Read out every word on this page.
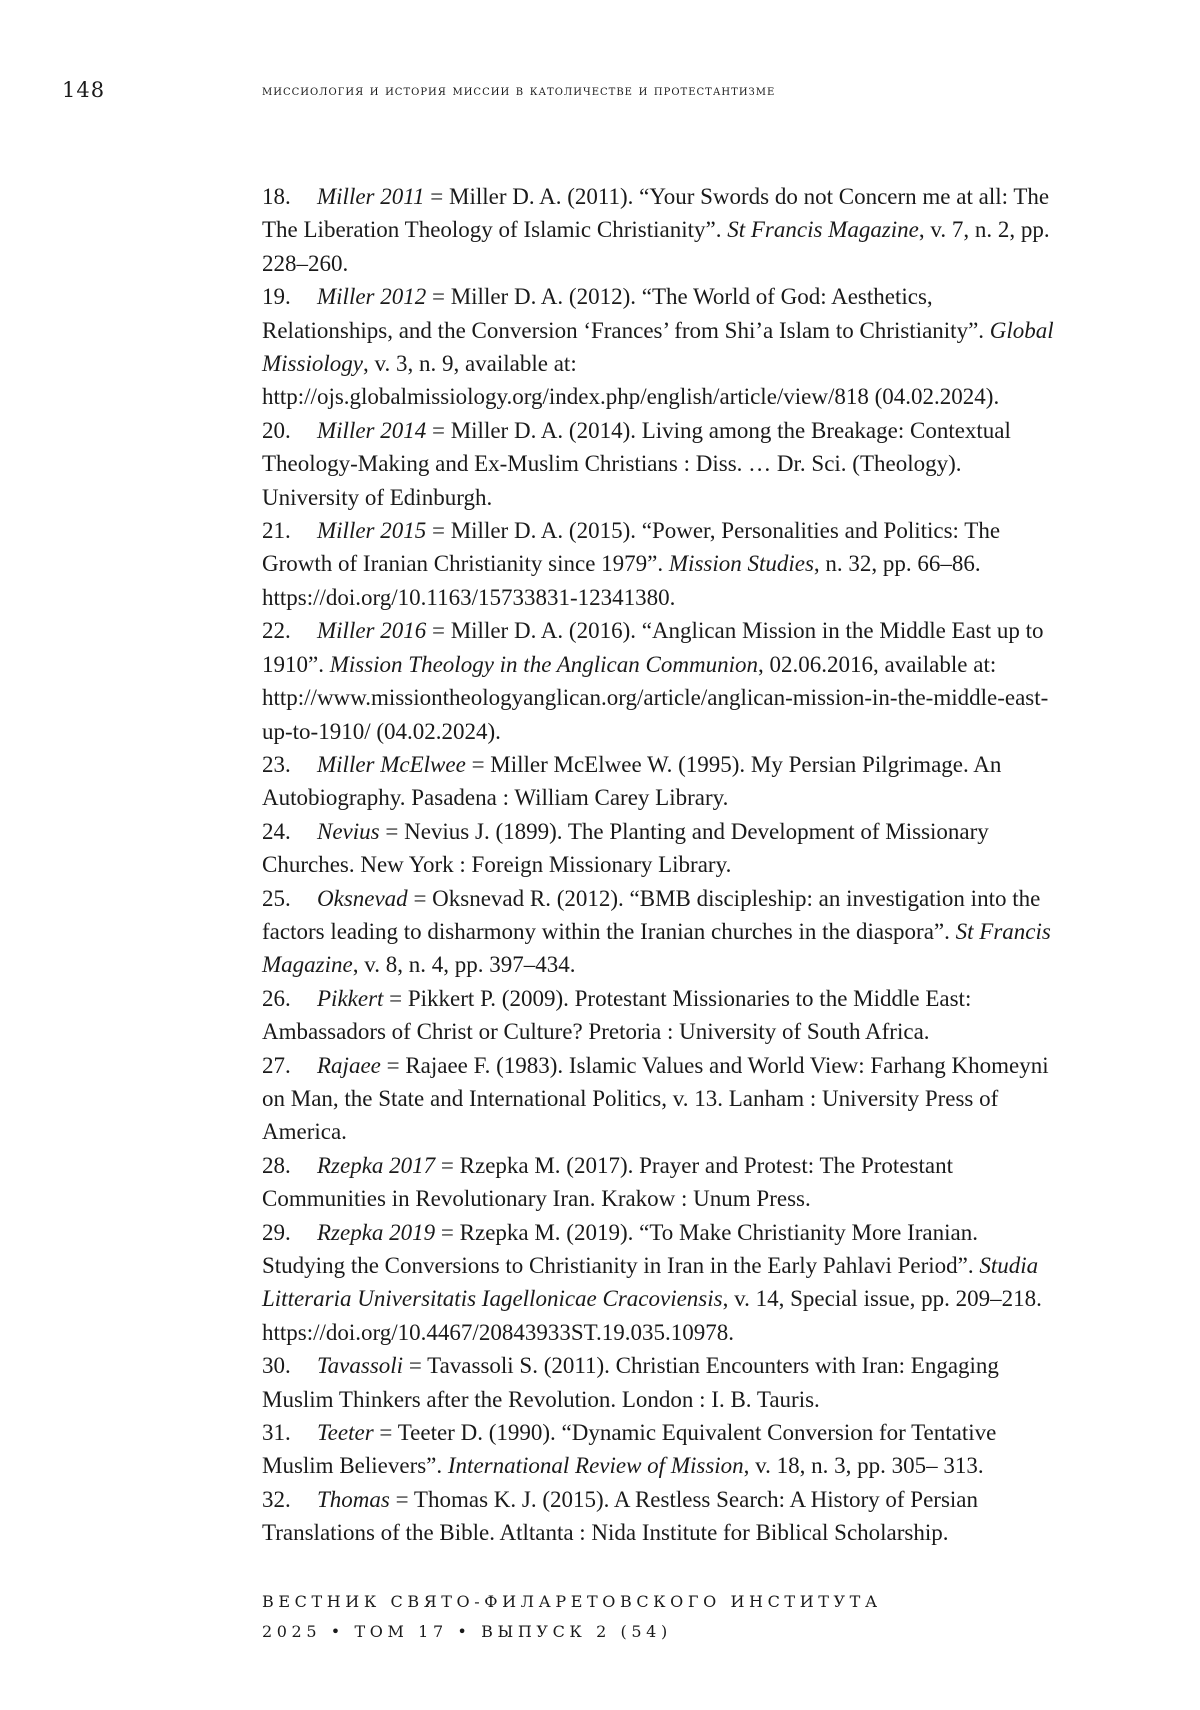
148	миссиология и история миссии в католичестве и протестантизме

18. Miller 2011 = Miller D. A. (2011). “Your Swords do not Concern me at all: The The Liberation Theology of Islamic Christianity”. St Francis Magazine, v. 7, n. 2, pp. 228–260.

19. Miller 2012 = Miller D. A. (2012). “The World of God: Aesthetics, Relationships, and the Conversion ‘Frances’ from Shi’a Islam to Christianity”. Global Missiology, v. 3, n. 9, available at: http://ojs.globalmissiology.org/index.php/english/article/view/818 (04.02.2024).

20. Miller 2014 = Miller D. A. (2014). Living among the Breakage: Contextual Theology-Making and Ex-Muslim Christians : Diss. … Dr. Sci. (Theology). University of Edinburgh.

21. Miller 2015 = Miller D. A. (2015). “Power, Personalities and Politics: The Growth of Iranian Christianity since 1979”. Mission Studies, n. 32, pp. 66–86. https://doi.org/10.1163/15733831-12341380.

22. Miller 2016 = Miller D. A. (2016). “Anglican Mission in the Middle East up to 1910”. Mission Theology in the Anglican Communion, 02.06.2016, available at: http://www.missiontheologyanglican.org/article/anglican-mission-in-the-middle-east-up-to-1910/ (04.02.2024).

23. Miller McElwee = Miller McElwee W. (1995). My Persian Pilgrimage. An Autobiography. Pasadena : William Carey Library.

24. Nevius = Nevius J. (1899). The Planting and Development of Missionary Churches. New York : Foreign Missionary Library.

25. Oksnevad = Oksnevad R. (2012). “BMB discipleship: an investigation into the factors leading to disharmony within the Iranian churches in the diaspora”. St Francis Magazine, v. 8, n. 4, pp. 397–434.

26. Pikkert = Pikkert P. (2009). Protestant Missionaries to the Middle East: Ambassadors of Christ or Culture? Pretoria : University of South Africa.

27. Rajaee = Rajaee F. (1983). Islamic Values and World View: Farhang Khomeyni on Man, the State and International Politics, v. 13. Lanham : University Press of America.

28. Rzepka 2017 = Rzepka M. (2017). Prayer and Protest: The Protestant Communities in Revolutionary Iran. Krakow : Unum Press.

29. Rzepka 2019 = Rzepka M. (2019). “To Make Christianity More Iranian. Studying the Conversions to Christianity in Iran in the Early Pahlavi Period”. Studia Litteraria Universitatis Iagellonicae Cracoviensis, v. 14, Special issue, pp. 209–218. https://doi.org/10.4467/20843933ST.19.035.10978.

30. Tavassoli = Tavassoli S. (2011). Christian Encounters with Iran: Engaging Muslim Thinkers after the Revolution. London : I. B. Tauris.

31. Teeter = Teeter D. (1990). “Dynamic Equivalent Conversion for Tentative Muslim Believers”. International Review of Mission, v. 18, n. 3, pp. 305– 313.

32. Thomas = Thomas K. J. (2015). A Restless Search: A History of Persian Translations of the Bible. Atltanta : Nida Institute for Biblical Scholarship.

ВЕСТНИК СВЯТО-ФИЛАРЕТОВСКОГО ИНСТИТУТА
2025 • ТОМ 17 • ВЫПУСК 2 (54)
